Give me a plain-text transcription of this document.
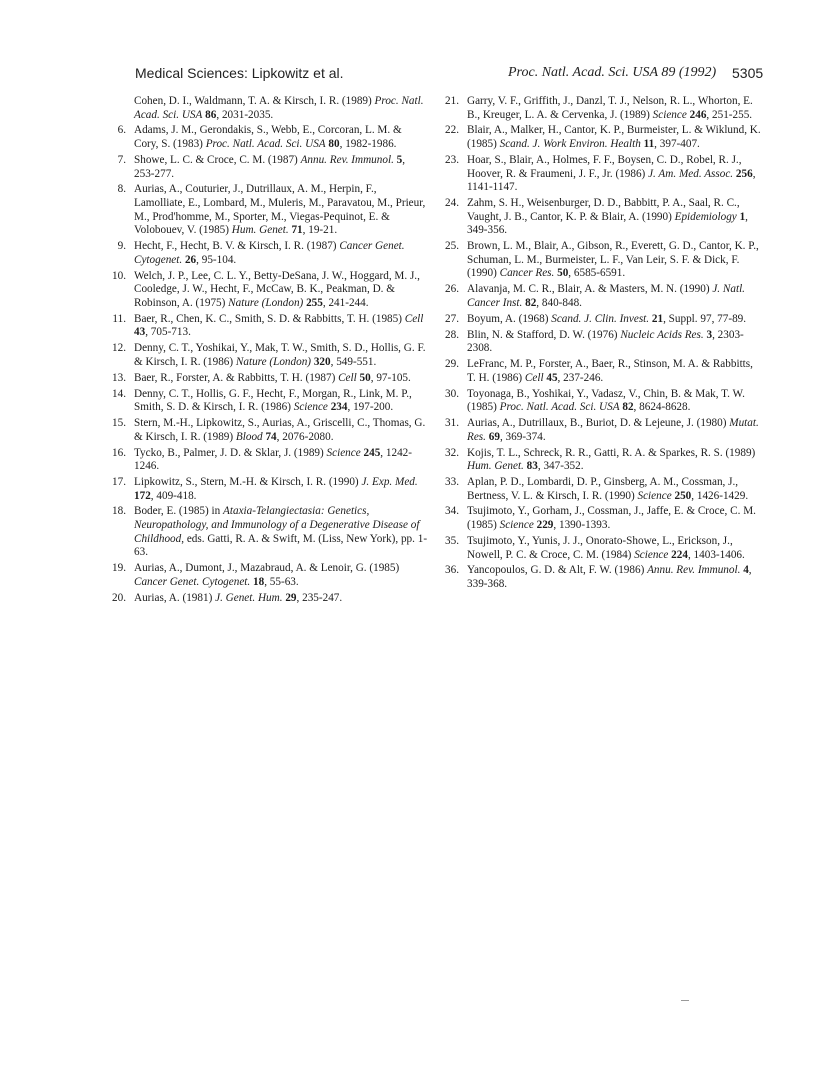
Medical Sciences: Lipkowitz et al.	Proc. Natl. Acad. Sci. USA 89 (1992) 5305
Cohen, D. I., Waldmann, T. A. & Kirsch, I. R. (1989) Proc. Natl. Acad. Sci. USA 86, 2031-2035.
6. Adams, J. M., Gerondakis, S., Webb, E., Corcoran, L. M. & Cory, S. (1983) Proc. Natl. Acad. Sci. USA 80, 1982-1986.
7. Showe, L. C. & Croce, C. M. (1987) Annu. Rev. Immunol. 5, 253-277.
8. Aurias, A., Couturier, J., Dutrillaux, A. M., Herpin, F., Lamolliate, E., Lombard, M., Muleris, M., Paravatou, M., Prieur, M., Prod'homme, M., Sporter, M., Viegas-Pequinot, E. & Volobouev, V. (1985) Hum. Genet. 71, 19-21.
9. Hecht, F., Hecht, B. V. & Kirsch, I. R. (1987) Cancer Genet. Cytogenet. 26, 95-104.
10. Welch, J. P., Lee, C. L. Y., Betty-DeSana, J. W., Hoggard, M. J., Cooledge, J. W., Hecht, F., McCaw, B. K., Peakman, D. & Robinson, A. (1975) Nature (London) 255, 241-244.
11. Baer, R., Chen, K. C., Smith, S. D. & Rabbitts, T. H. (1985) Cell 43, 705-713.
12. Denny, C. T., Yoshikai, Y., Mak, T. W., Smith, S. D., Hollis, G. F. & Kirsch, I. R. (1986) Nature (London) 320, 549-551.
13. Baer, R., Forster, A. & Rabbitts, T. H. (1987) Cell 50, 97-105.
14. Denny, C. T., Hollis, G. F., Hecht, F., Morgan, R., Link, M. P., Smith, S. D. & Kirsch, I. R. (1986) Science 234, 197-200.
15. Stern, M.-H., Lipkowitz, S., Aurias, A., Griscelli, C., Thomas, G. & Kirsch, I. R. (1989) Blood 74, 2076-2080.
16. Tycko, B., Palmer, J. D. & Sklar, J. (1989) Science 245, 1242-1246.
17. Lipkowitz, S., Stern, M.-H. & Kirsch, I. R. (1990) J. Exp. Med. 172, 409-418.
18. Boder, E. (1985) in Ataxia-Telangiectasia: Genetics, Neuropathology, and Immunology of a Degenerative Disease of Childhood, eds. Gatti, R. A. & Swift, M. (Liss, New York), pp. 1-63.
19. Aurias, A., Dumont, J., Mazabraud, A. & Lenoir, G. (1985) Cancer Genet. Cytogenet. 18, 55-63.
20. Aurias, A. (1981) J. Genet. Hum. 29, 235-247.
21. Garry, V. F., Griffith, J., Danzl, T. J., Nelson, R. L., Whorton, E. B., Kreuger, L. A. & Cervenka, J. (1989) Science 246, 251-255.
22. Blair, A., Malker, H., Cantor, K. P., Burmeister, L. & Wiklund, K. (1985) Scand. J. Work Environ. Health 11, 397-407.
23. Hoar, S., Blair, A., Holmes, F. F., Boysen, C. D., Robel, R. J., Hoover, R. & Fraumeni, J. F., Jr. (1986) J. Am. Med. Assoc. 256, 1141-1147.
24. Zahm, S. H., Weisenburger, D. D., Babbitt, P. A., Saal, R. C., Vaught, J. B., Cantor, K. P. & Blair, A. (1990) Epidemiology 1, 349-356.
25. Brown, L. M., Blair, A., Gibson, R., Everett, G. D., Cantor, K. P., Schuman, L. M., Burmeister, L. F., Van Leir, S. F. & Dick, F. (1990) Cancer Res. 50, 6585-6591.
26. Alavanja, M. C. R., Blair, A. & Masters, M. N. (1990) J. Natl. Cancer Inst. 82, 840-848.
27. Boyum, A. (1968) Scand. J. Clin. Invest. 21, Suppl. 97, 77-89.
28. Blin, N. & Stafford, D. W. (1976) Nucleic Acids Res. 3, 2303-2308.
29. LeFranc, M. P., Forster, A., Baer, R., Stinson, M. A. & Rabbitts, T. H. (1986) Cell 45, 237-246.
30. Toyonaga, B., Yoshikai, Y., Vadasz, V., Chin, B. & Mak, T. W. (1985) Proc. Natl. Acad. Sci. USA 82, 8624-8628.
31. Aurias, A., Dutrillaux, B., Buriot, D. & Lejeune, J. (1980) Mutat. Res. 69, 369-374.
32. Kojis, T. L., Schreck, R. R., Gatti, R. A. & Sparkes, R. S. (1989) Hum. Genet. 83, 347-352.
33. Aplan, P. D., Lombardi, D. P., Ginsberg, A. M., Cossman, J., Bertness, V. L. & Kirsch, I. R. (1990) Science 250, 1426-1429.
34. Tsujimoto, Y., Gorham, J., Cossman, J., Jaffe, E. & Croce, C. M. (1985) Science 229, 1390-1393.
35. Tsujimoto, Y., Yunis, J. J., Onorato-Showe, L., Erickson, J., Nowell, P. C. & Croce, C. M. (1984) Science 224, 1403-1406.
36. Yancopoulos, G. D. & Alt, F. W. (1986) Annu. Rev. Immunol. 4, 339-368.
